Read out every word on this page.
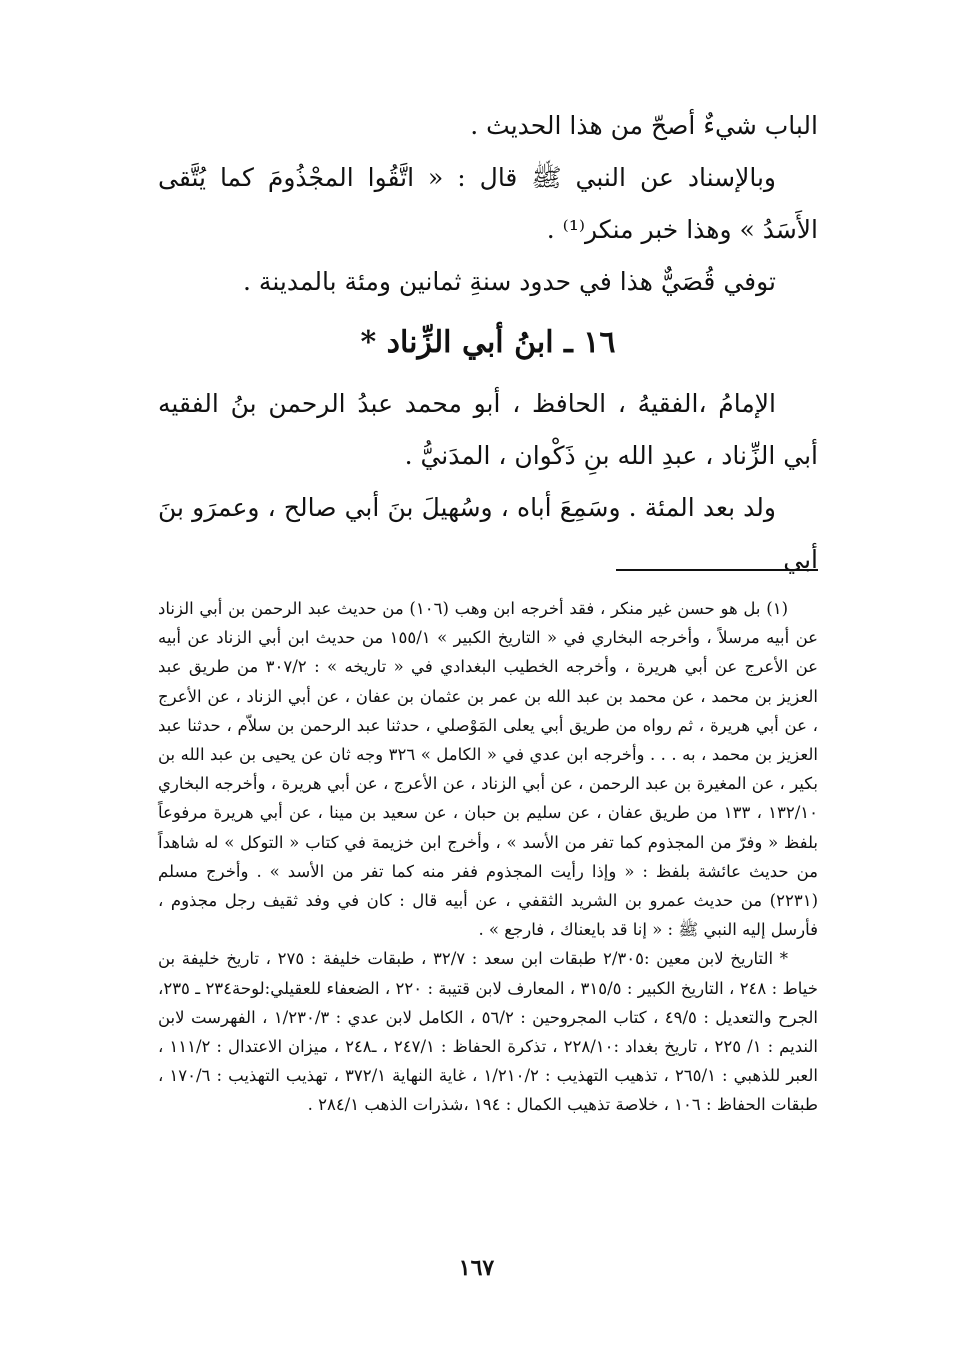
الباب شيءٌ أصحّ من هذا الحديث .

وبالإسناد عن النبي ﷺ قال : « اتَّقُوا المجْذُومَ كما يُتَّقى الأَسَدُ » وهذا خبر منكر⁽¹⁾ .

توفي قُصَيٌّ هذا في حدود سنةِ ثمانين ومئة بالمدينة .

١٦ ـ ابنُ أبي الزِّناد *

الإمامُ ،الفقيهُ ، الحافظ ، أبو محمد عبدُ الرحمن بنُ الفقيه أبي الزِّناد ، عبدِ الله بنِ ذَكْوان ، المدَنيُّ .

ولد بعد المئة . وسَمِعَ أباه ، وسُهيلَ بنَ أبي صالح ، وعمرَو بنَ أبي

(١) بل هو حسن غير منكر ، فقد أخرجه ابن وهب (١٠٦) من حديث عبد الرحمن بن أبي الزناد عن أبيه مرسلاً ، وأخرجه البخاري في « التاريخ الكبير » ١٥٥/١ من حديث ابن أبي الزناد عن أبيه عن الأعرج عن أبي هريرة ، وأخرجه الخطيب البغدادي في « تاريخه » : ٣٠٧/٢ من طريق عبد العزيز بن محمد ، عن محمد بن عبد الله بن عمر بن عثمان بن عفان ، عن أبي الزناد ، عن الأعرج ، عن أبي هريرة ، ثم رواه من طريق أبي يعلى المَوْصلي ، حدثنا عبد الرحمن بن سلاّم ، حدثنا عبد العزيز بن محمد ، به . . . وأخرجه ابن عدي في « الكامل » ٣٢٦ وجه ثان عن يحيى بن عبد الله بن بكير ، عن المغيرة بن عبد الرحمن ، عن أبي الزناد ، عن الأعرج ، عن أبي هريرة ، وأخرجه البخاري ١٣٢/١٠ ، ١٣٣ من طريق عفان ، عن سليم بن حبان ، عن سعيد بن مينا ، عن أبي هريرة مرفوعاً بلفظ « وفرّ من المجذوم كما تفر من الأسد » ، وأخرج ابن خزيمة في كتاب « التوكل » له شاهداً من حديث عائشة بلفظ : « وإذا رأيت المجذوم ففر منه كما تفر من الأسد » . وأخرج مسلم (٢٢٣١) من حديث عمرو بن الشريد الثقفي ، عن أبيه قال : كان في وفد ثقيف رجل مجذوم ، فأرسل إليه النبي ﷺ : « إنا قد بايعناك ، فارجع » .

* التاريخ لابن معين :٢/٣٠٥ طبقات ابن سعد : ٣٢/٧ ، طبقات خليفة : ٢٧٥ ، تاريخ خليفة بن خياط : ٢٤٨ ، التاريخ الكبير : ٣١٥/٥ ، المعارف لابن قتيبة : ٢٢٠ ، الضعفاء للعقيلي:لوحة٢٣٤ ـ ٢٣٥، الجرح والتعديل : ٤٩/٥ ، كتاب المجروحين : ٥٦/٢ ، الكامل لابن عدي : ١/٢٣٠/٣ ، الفهرست لابن النديم : ١/ ٢٢٥ ، تاريخ بغداد :٢٢٨/١٠ ، تذكرة الحفاظ : ٢٤٧/١ ، ـ٢٤٨ ، ميزان الاعتدال : ١١١/٢ ، العبر للذهبي : ٢٦٥/١ ، تذهيب التهذيب : ١/٢١٠/٢ ، غاية النهاية ٣٧٢/١ ، تهذيب التهذيب : ١٧٠/٦ ، طبقات الحفاظ : ١٠٦ ، خلاصة تذهيب الكمال : ١٩٤ ،شذرات الذهب ٢٨٤/١ .

١٦٧
